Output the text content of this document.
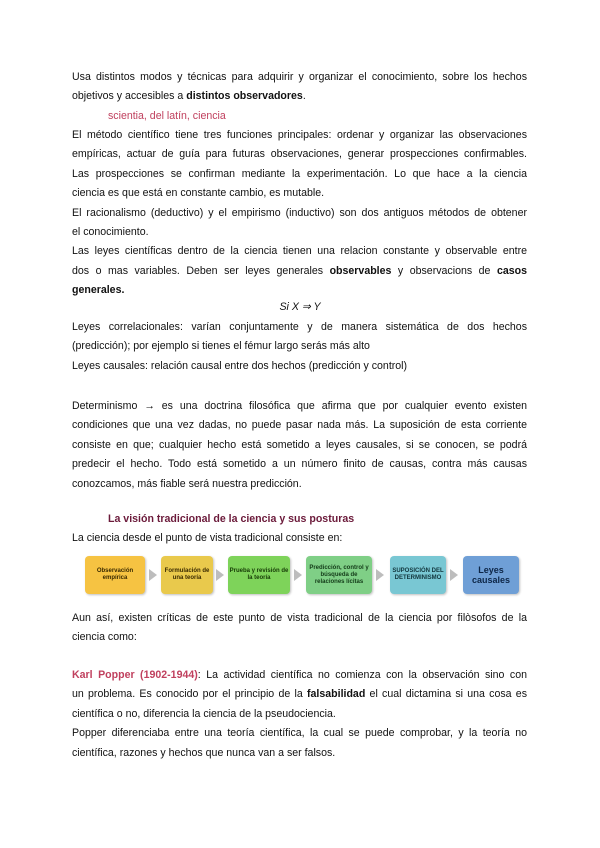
Usa distintos modos y técnicas para adquirir y organizar el conocimiento, sobre los hechos
objetivos y accesibles a distintos observadores.
scientia, del latín, ciencia
El método científico tiene tres funciones principales: ordenar y organizar las observaciones
empíricas, actuar de guía para futuras observaciones, generar prospecciones confirmables.
Las prospecciones se confirman mediante la experimentación. Lo que hace a la ciencia
ciencia es que está en constante cambio, es mutable.
El racionalismo (deductivo) y el empirismo (inductivo) son dos antiguos métodos de obtener
el conocimiento.
Las leyes científicas dentro de la ciencia tienen una relacion constante y observable entre
dos o mas variables. Deben ser leyes generales observables y observacions de casos
generales.
Si X ⇒ Y
Leyes correlacionales: varían conjuntamente y de manera sistemática de dos hechos
(predicción); por ejemplo si tienes el fémur largo serás más alto
Leyes causales: relación causal entre dos hechos (predicción y control)
Determinismo → es una doctrina filosófica que afirma que por cualquier evento existen
condiciones que una vez dadas, no puede pasar nada más. La suposición de esta corriente
consiste en que; cualquier hecho está sometido a leyes causales, si se conocen, se podrá
predecir el hecho. Todo está sometido a un número finito de causas, contra más causas
conozcamos, más fiable será nuestra predicción.
La visión tradicional de la ciencia y sus posturas
La ciencia desde el punto de vista tradicional consiste en:
Observación empírica
Formulación de una teoría
Prueba y revisión de la teoría
Predicción, control y búsqueda de relaciones lícitas
SUPOSICIÓN DEL DETERMINISMO
Leyes causales
Aun así, existen críticas de este punto de vista tradicional de la ciencia por filòsofos de la
ciencia como:
Karl Popper (1902-1944): La actividad científica no comienza con la observación sino con
un problema. Es conocido por el principio de la falsabilidad el cual dictamina si una cosa es
científica o no, diferencia la ciencia de la pseudociencia.
Popper diferenciaba entre una teoría científica, la cual se puede comprobar, y la teoría no
científica, razones y hechos que nunca van a ser falsos.
